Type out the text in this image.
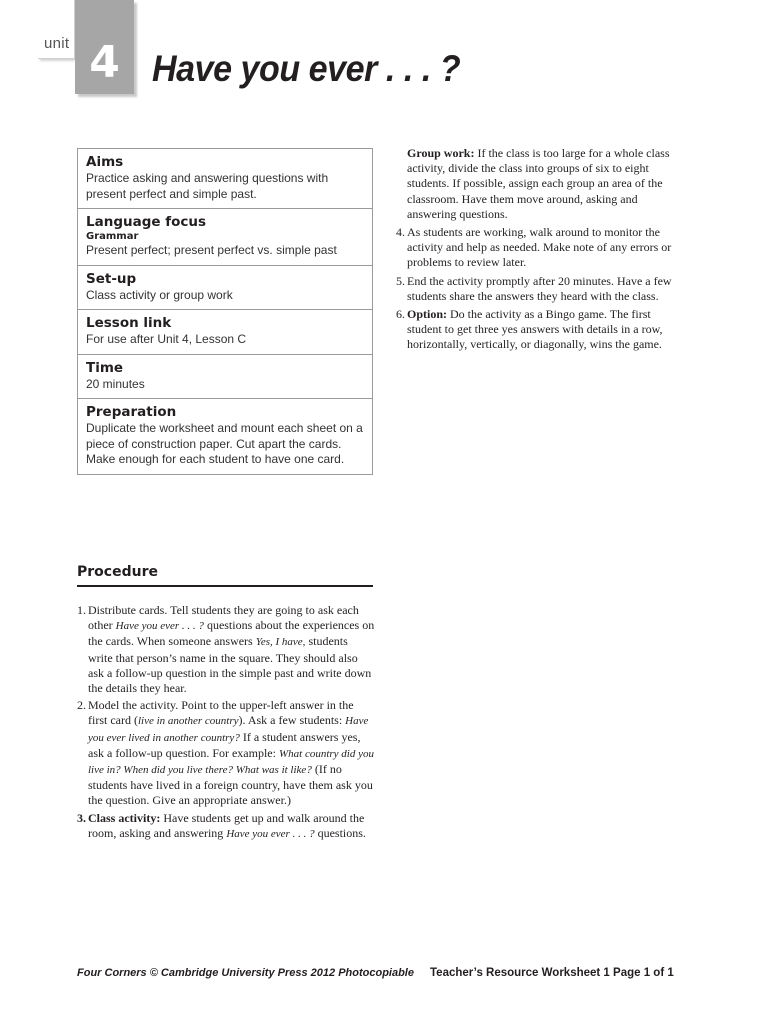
unit 4 Have you ever . . . ?
Aims
Practice asking and answering questions with present perfect and simple past.
Language focus
Grammar
Present perfect; present perfect vs. simple past
Set-up
Class activity or group work
Lesson link
For use after Unit 4, Lesson C
Time
20 minutes
Preparation
Duplicate the worksheet and mount each sheet on a piece of construction paper. Cut apart the cards. Make enough for each student to have one card.
Procedure
1. Distribute cards. Tell students they are going to ask each other Have you ever . . . ? questions about the experiences on the cards. When someone answers Yes, I have, students write that person’s name in the square. They should also ask a follow-up question in the simple past and write down the details they hear.
2. Model the activity. Point to the upper-left answer in the first card (live in another country). Ask a few students: Have you ever lived in another country? If a student answers yes, ask a follow-up question. For example: What country did you live in? When did you live there? What was it like? (If no students have lived in a foreign country, have them ask you the question. Give an appropriate answer.)
3. Class activity: Have students get up and walk around the room, asking and answering Have you ever . . . ? questions.
Group work: If the class is too large for a whole class activity, divide the class into groups of six to eight students. If possible, assign each group an area of the classroom. Have them move around, asking and answering questions.
4. As students are working, walk around to monitor the activity and help as needed. Make note of any errors or problems to review later.
5. End the activity promptly after 20 minutes. Have a few students share the answers they heard with the class.
6. Option: Do the activity as a Bingo game. The first student to get three yes answers with details in a row, horizontally, vertically, or diagonally, wins the game.
Four Corners © Cambridge University Press 2012 Photocopiable Teacher’s Resource Worksheet 1 Page 1 of 1
